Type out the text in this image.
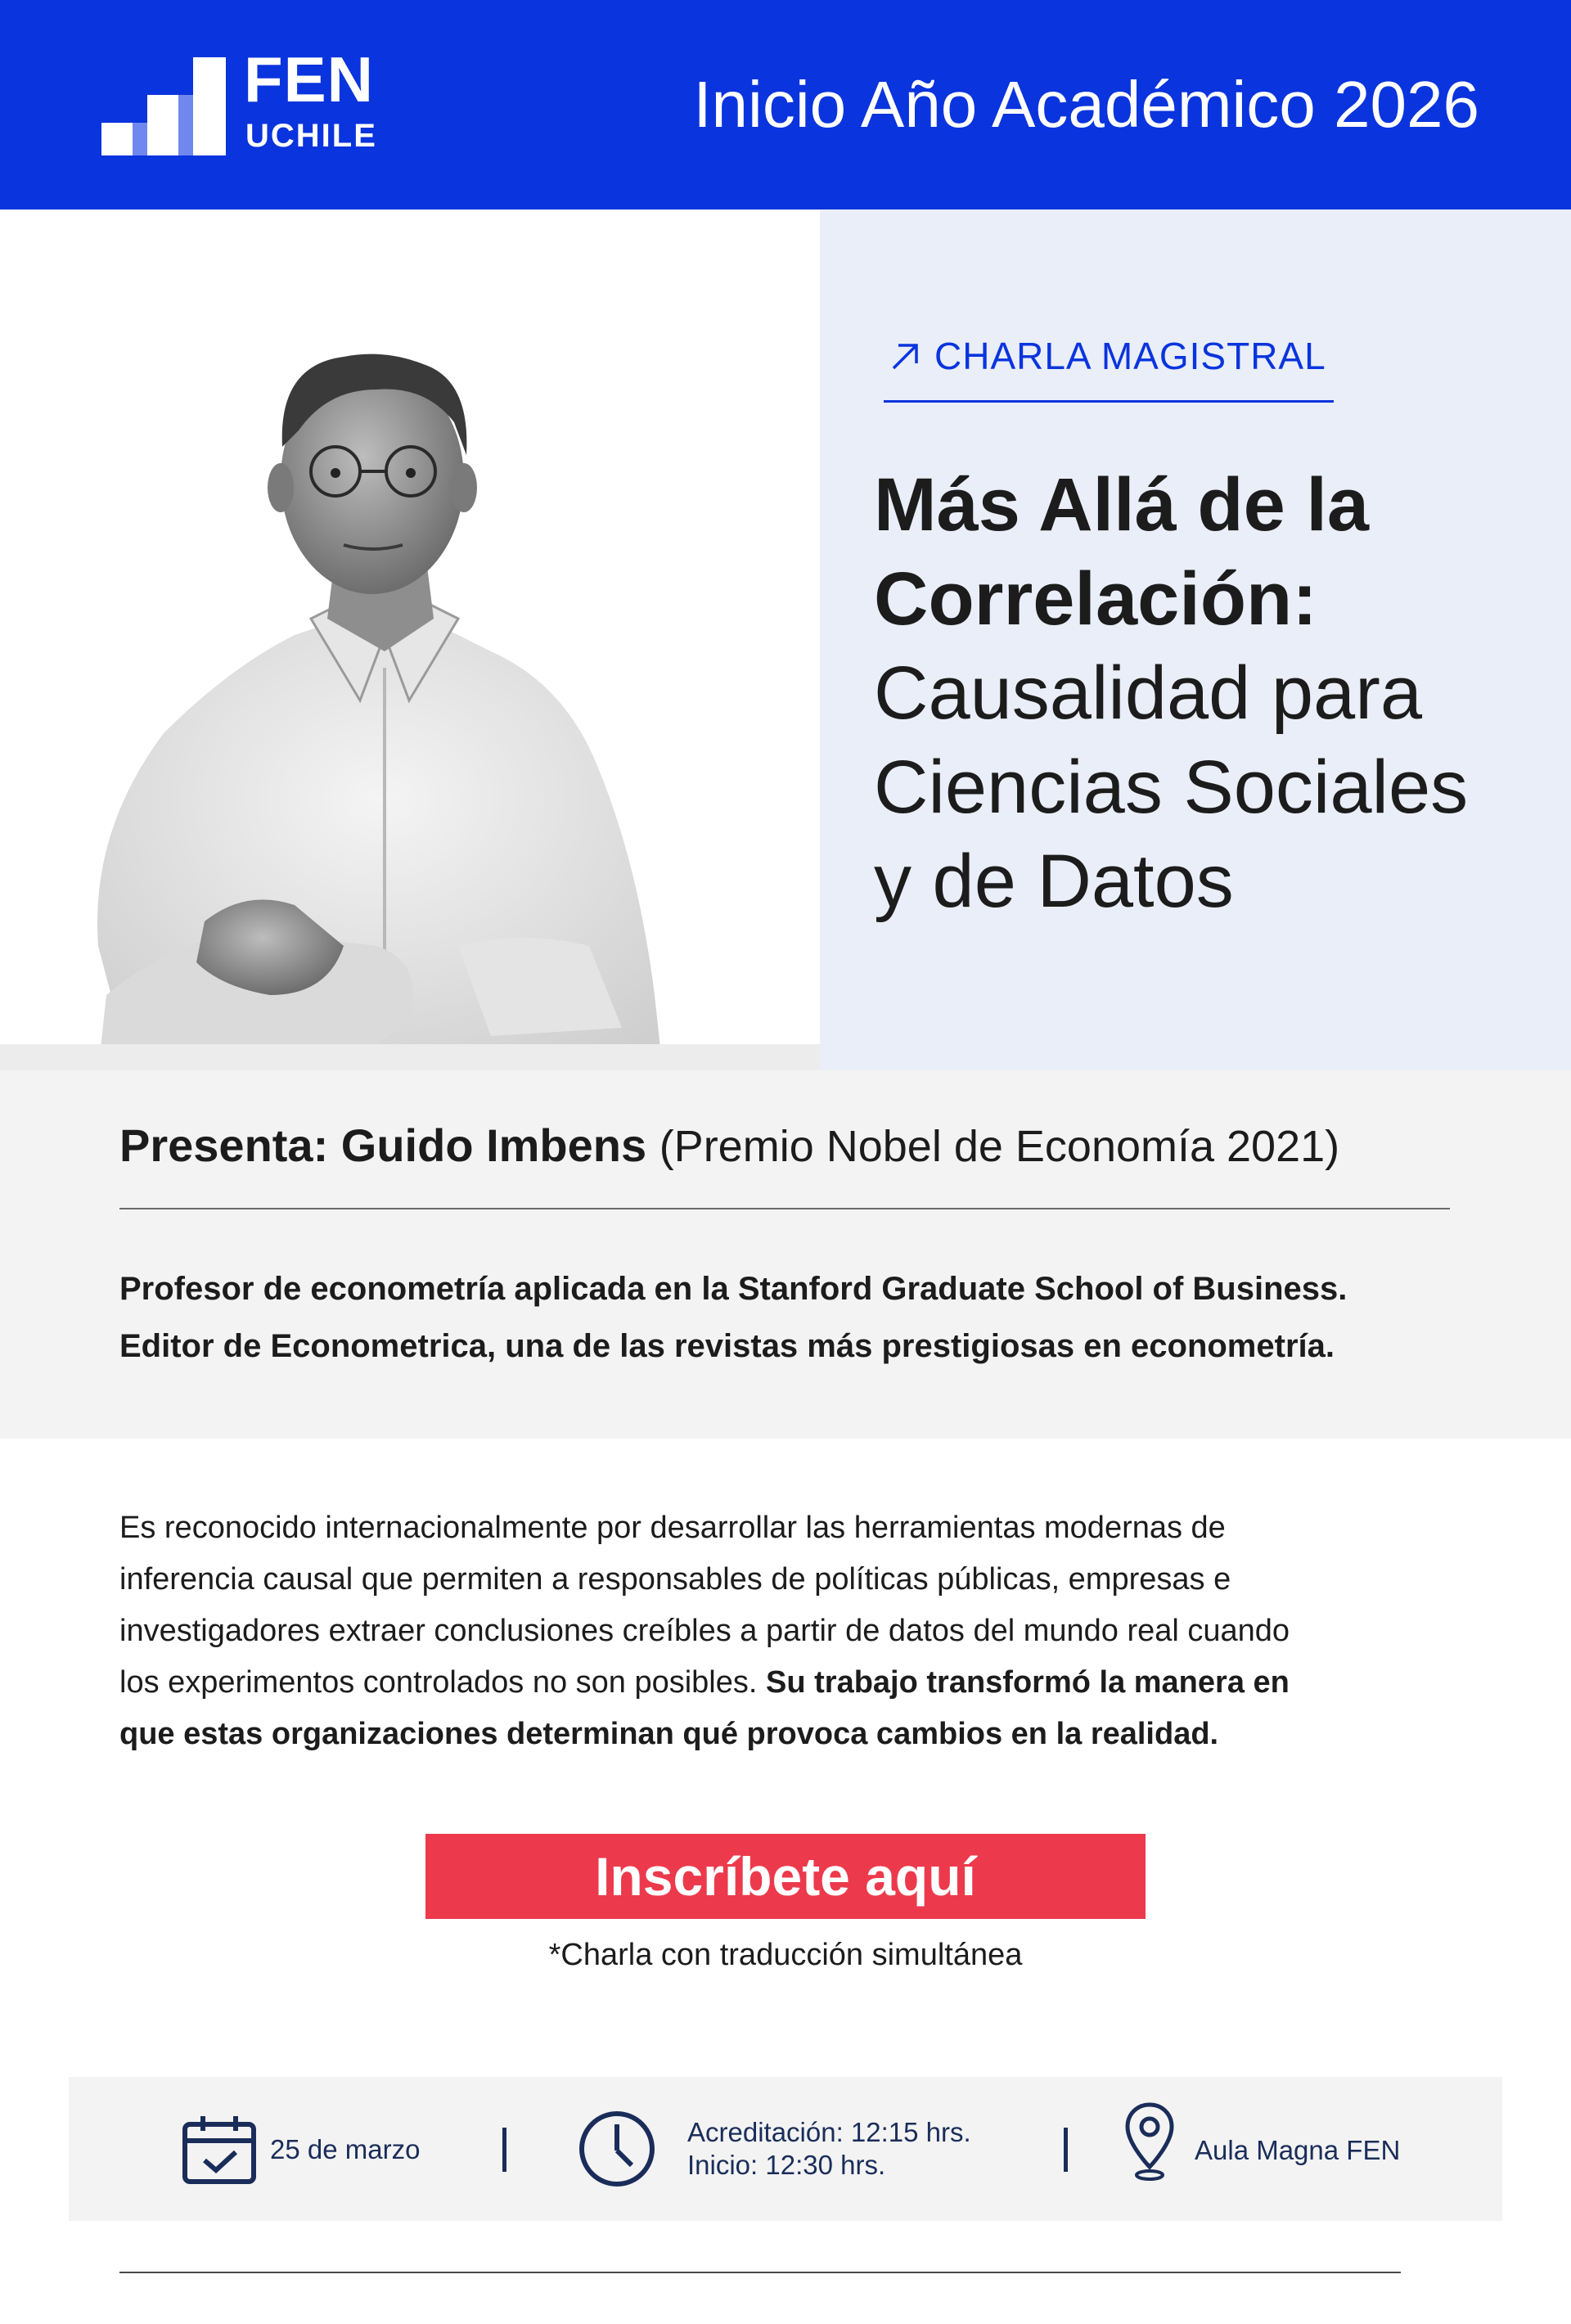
FEN
UCHILE	Inicio Año Académico 2026
CHARLA MAGISTRAL
Más Allá de la
Correlación:
Causalidad para
Ciencias Sociales
y de Datos
Presenta: Guido Imbens (Premio Nobel de Economía 2021)
Profesor de econometría aplicada en la Stanford Graduate School of Business.
Editor de Econometrica, una de las revistas más prestigiosas en econometría.
Es reconocido internacionalmente por desarrollar las herramientas modernas de
inferencia causal que permiten a responsables de políticas públicas, empresas e
investigadores extraer conclusiones creíbles a partir de datos del mundo real cuando
los experimentos controlados no son posibles. Su trabajo transformó la manera en
que estas organizaciones determinan qué provoca cambios en la realidad.
Inscríbete aquí
*Charla con traducción simultánea
25 de marzo
Acreditación: 12:15 hrs.
Inicio: 12:30 hrs.	Aula Magna FEN
